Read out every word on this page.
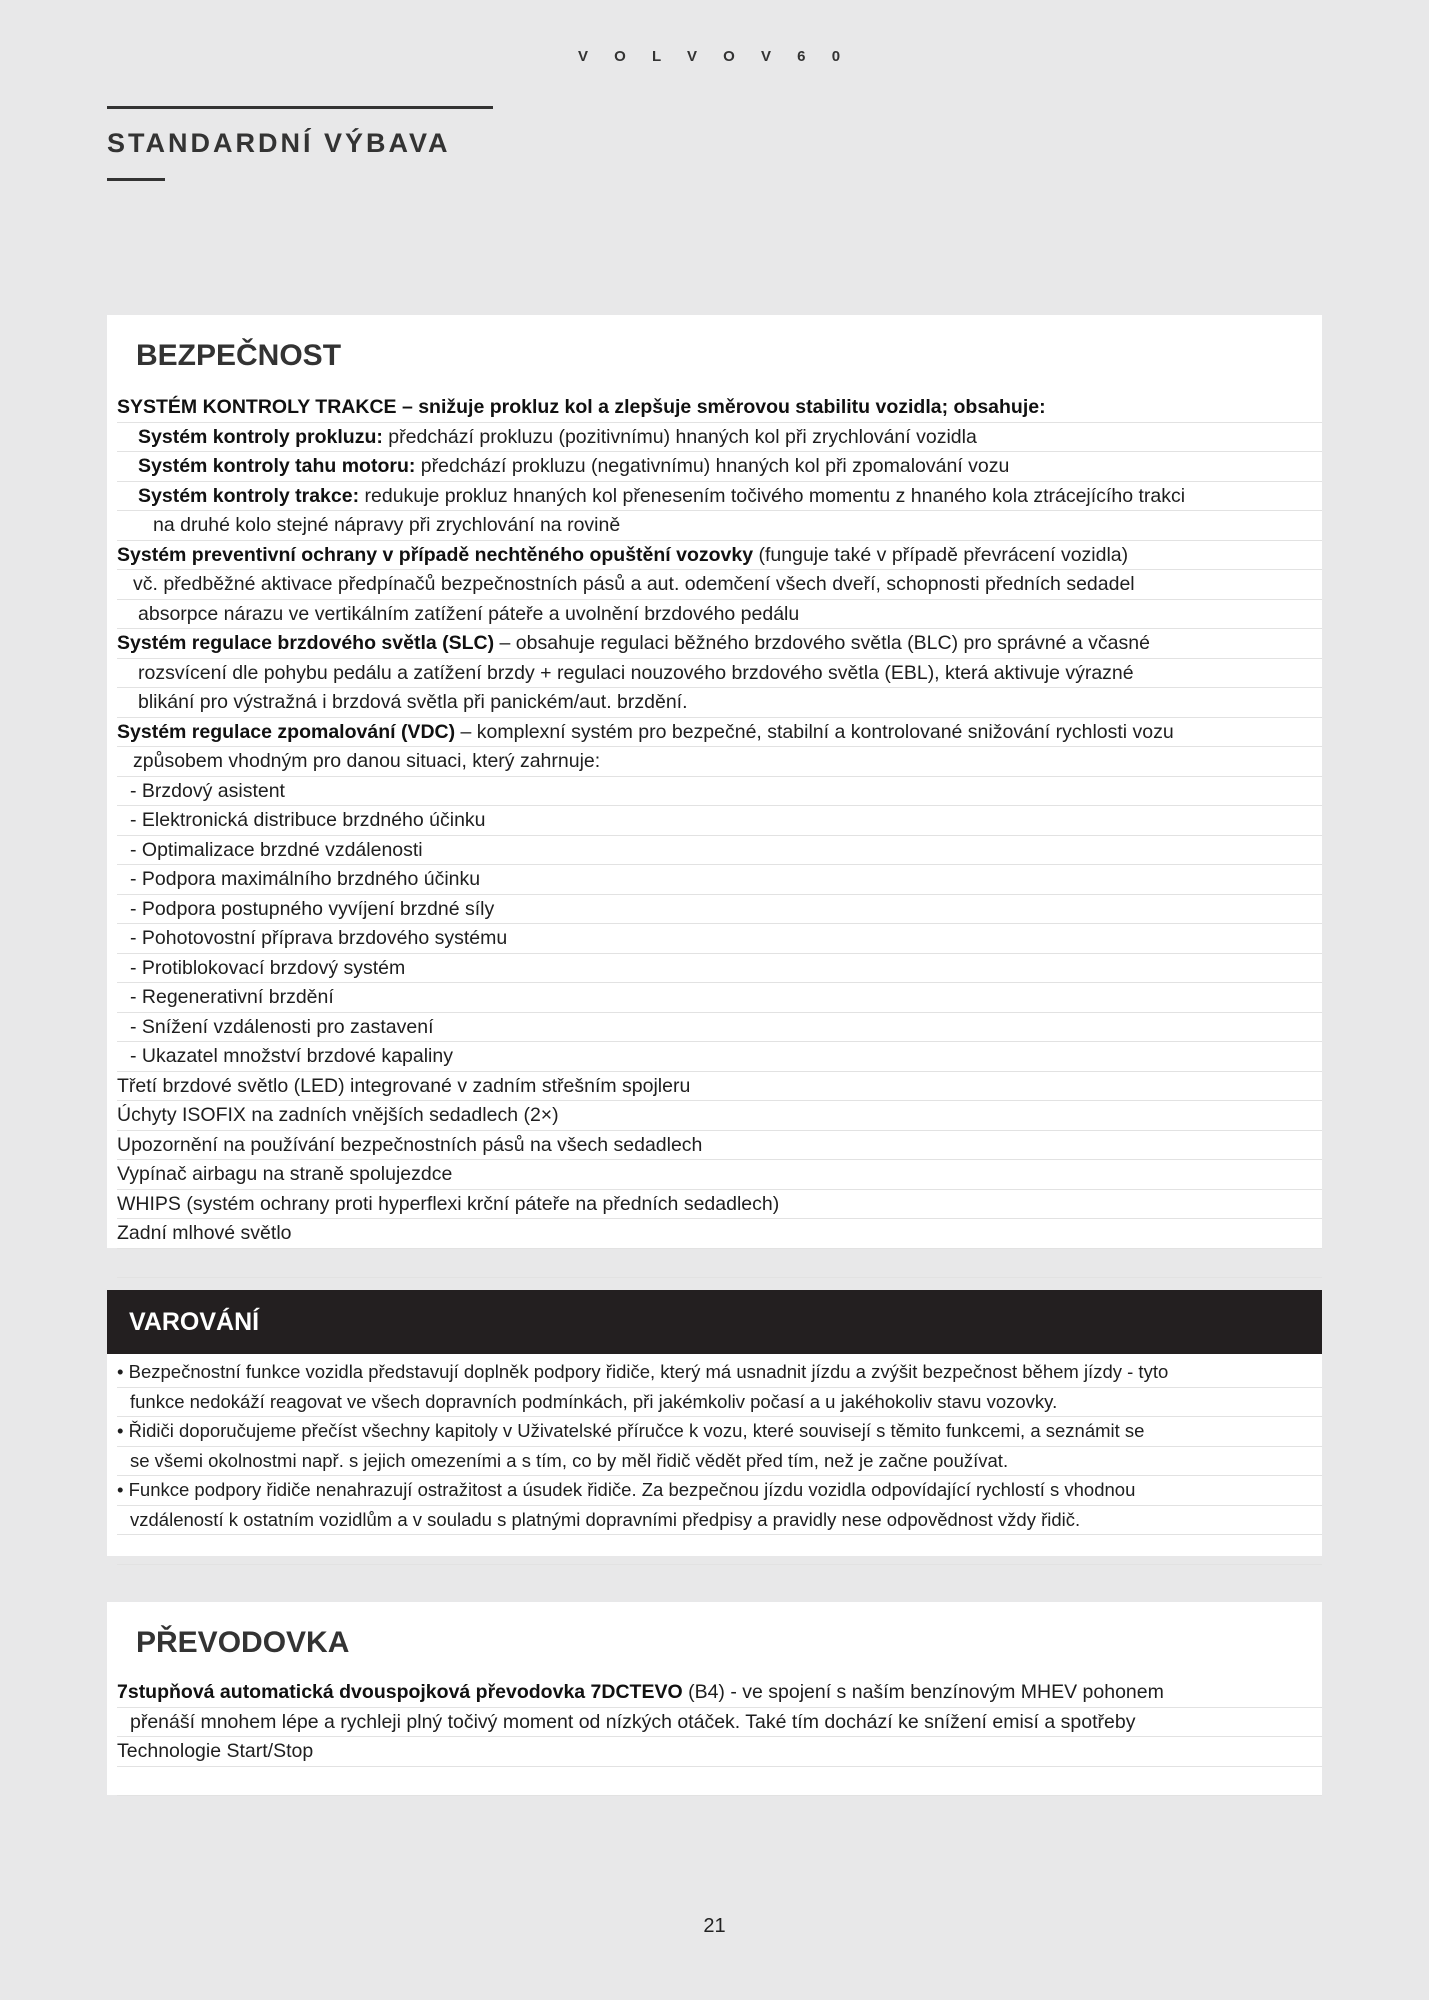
V O L V O V 6 0
STANDARDNÍ VÝBAVA
BEZPEČNOST
SYSTÉM KONTROLY TRAKCE – snižuje prokluz kol a zlepšuje směrovou stabilitu vozidla; obsahuje:
Systém kontroly prokluzu: předchází prokluzu (pozitivnímu) hnaných kol při zrychlování vozidla
Systém kontroly tahu motoru: předchází prokluzu (negativnímu) hnaných kol při zpomalování vozu
Systém kontroly trakce: redukuje prokluz hnaných kol přenesením točivého momentu z hnaného kola ztrácejícího trakci
na druhé kolo stejné nápravy při zrychlování na rovině
Systém preventivní ochrany v případě nechtěného opuštění vozovky (funguje také v případě převrácení vozidla)
vč. předběžné aktivace předpínačů bezpečnostních pásů a aut. odemčení všech dveří, schopnosti předních sedadel
absorpce nárazu ve vertikálním zatížení páteře a uvolnění brzdového pedálu
Systém regulace brzdového světla (SLC) – obsahuje regulaci běžného brzdového světla (BLC) pro správné a včasné
rozsvícení dle pohybu pedálu a zatížení brzdy + regulaci nouzového brzdového světla (EBL), která aktivuje výrazné
blikání pro výstražná i brzdová světla při panickém/aut. brzdění.
Systém regulace zpomalování (VDC) – komplexní systém pro bezpečné, stabilní a kontrolované snižování rychlosti vozu
způsobem vhodným pro danou situaci, který zahrnuje:
- Brzdový asistent
- Elektronická distribuce brzdného účinku
- Optimalizace brzdné vzdálenosti
- Podpora maximálního brzdného účinku
- Podpora postupného vyvíjení brzdné síly
- Pohotovostní příprava brzdového systému
- Protiblokovací brzdový systém
- Regenerativní brzdění
- Snížení vzdálenosti pro zastavení
- Ukazatel množství brzdové kapaliny
Třetí brzdové světlo (LED) integrované v zadním střešním spojleru
Úchyty ISOFIX na zadních vnějších sedadlech (2×)
Upozornění na používání bezpečnostních pásů na všech sedadlech
Vypínač airbagu na straně spolujezdce
WHIPS (systém ochrany proti hyperflexi krční páteře na předních sedadlech)
Zadní mlhové světlo
VAROVÁNÍ
• Bezpečnostní funkce vozidla představují doplněk podpory řidiče, který má usnadnit jízdu a zvýšit bezpečnost během jízdy - tyto
funkce nedokáží reagovat ve všech dopravních podmínkách, při jakémkoliv počasí a u jakéhokoliv stavu vozovky.
• Řidiči doporučujeme přečíst všechny kapitoly v Uživatelské příručce k vozu, které souvisejí s těmito funkcemi, a seznámit se
se všemi okolnostmi např. s jejich omezeními a s tím, co by měl řidič vědět před tím, než je začne používat.
• Funkce podpory řidiče nenahrazují ostražitost a úsudek řidiče. Za bezpečnou jízdu vozidla odpovídající rychlostí s vhodnou
vzdáleností k ostatním vozidlům a v souladu s platnými dopravními předpisy a pravidly nese odpovědnost vždy řidič.
PŘEVODOVKA
7stupňová automatická dvouspojková převodovka 7DCTEVO (B4) - ve spojení s naším benzínovým MHEV pohonem
přenáší mnohem lépe a rychleji plný točivý moment od nízkých otáček. Také tím dochází ke snížení emisí a spotřeby
Technologie Start/Stop
21
